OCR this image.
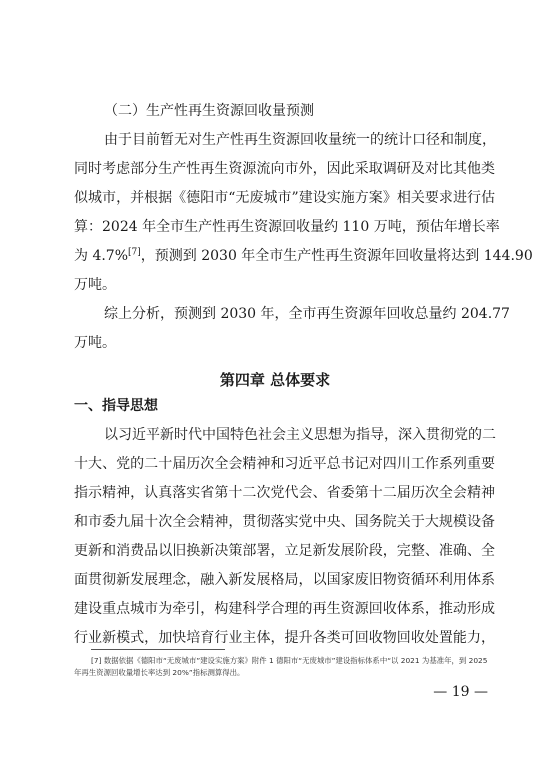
（二）生产性再生资源回收量预测
由于目前暂无对生产性再生资源回收量统一的统计口径和制度，
同时考虑部分生产性再生资源流向市外，因此采取调研及对比其他类
似城市，并根据《德阳市“无废城市”建设实施方案》相关要求进行估
算：2024 年全市生产性再生资源回收量约 110 万吨，预估年增长率
为 4.7%[7]，预测到 2030 年全市生产性再生资源年回收量将达到 144.90
万吨。
综上分析，预测到 2030 年，全市再生资源年回收总量约 204.77
万吨。
第四章 总体要求
一、指导思想
以习近平新时代中国特色社会主义思想为指导，深入贯彻党的二
十大、党的二十届历次全会精神和习近平总书记对四川工作系列重要
指示精神，认真落实省第十二次党代会、省委第十二届历次全会精神
和市委九届十次全会精神，贯彻落实党中央、国务院关于大规模设备
更新和消费品以旧换新决策部署，立足新发展阶段，完整、准确、全
面贯彻新发展理念，融入新发展格局，以国家废旧物资循环利用体系
建设重点城市为牵引，构建科学合理的再生资源回收体系，推动形成
行业新模式，加快培育行业主体，提升各类可回收物回收处置能力，
[7] 数据依据《德阳市“无废城市”建设实施方案》附件 1 德阳市“无废城市”建设指标体系中“以 2021 为基准年，到 2025
年再生资源回收量增长率达到 20%”指标测算得出。
— 19 —
